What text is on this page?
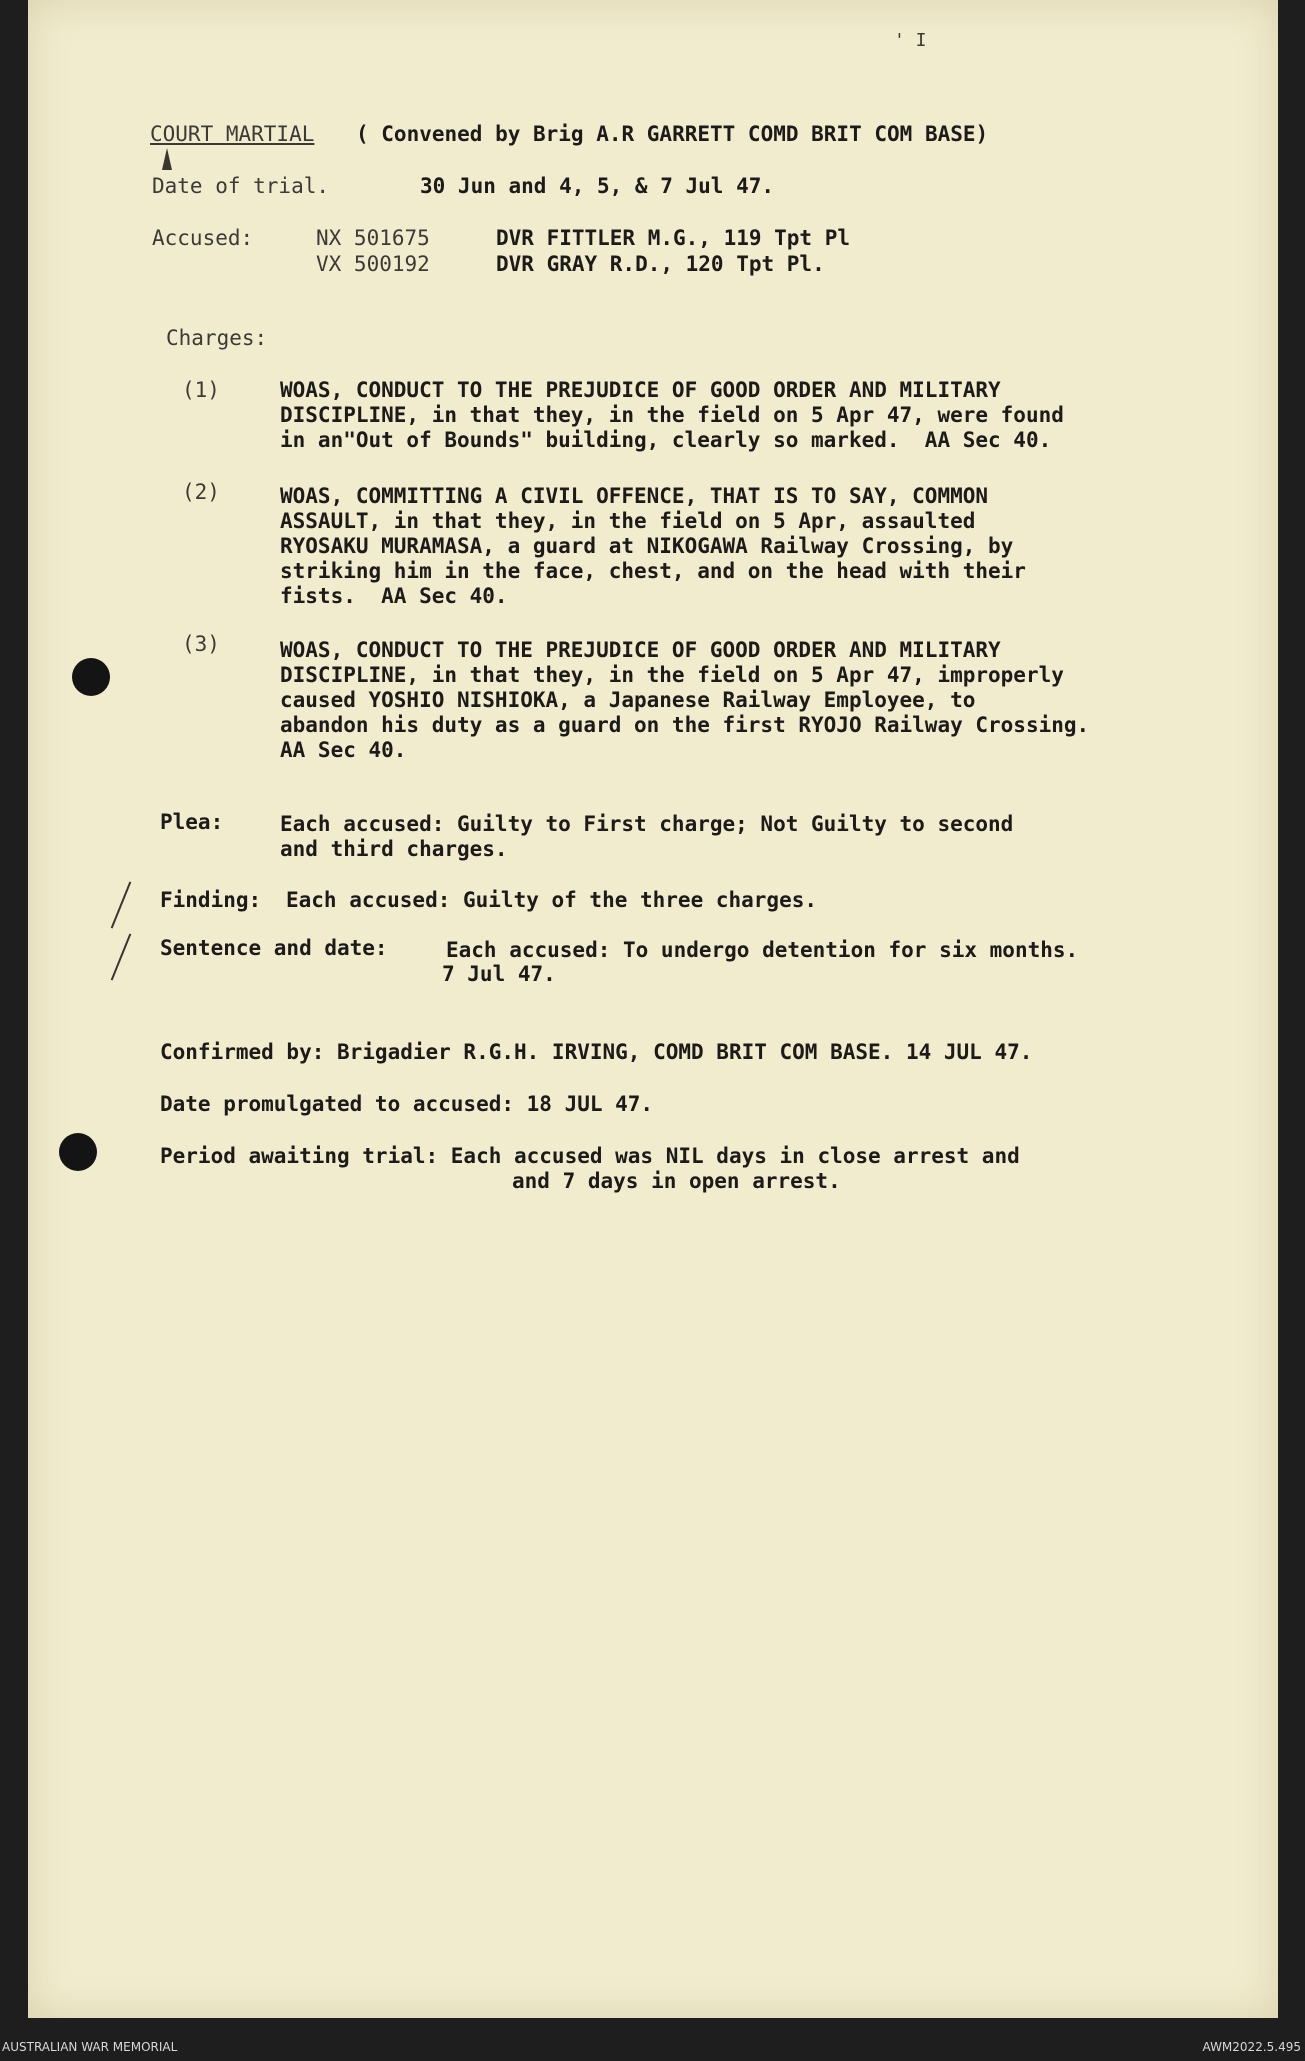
' I
COURT MARTIAL ( Convened by Brig A.R GARRETT COMD BRIT COM BASE)
Date of trial.	30 Jun and 4, 5, & 7 Jul 47.
Accused:	NX 501675	DVR FITTLER M.G., 119 Tpt Pl
VX 500192	DVR GRAY R.D., 120 Tpt Pl.
Charges:
(1)	WOAS, CONDUCT TO THE PREJUDICE OF GOOD ORDER AND MILITARY
DISCIPLINE, in that they, in the field on 5 Apr 47, were found
in an"Out of Bounds" building, clearly so marked.  AA Sec 40.
(2)	WOAS, COMMITTING A CIVIL OFFENCE, THAT IS TO SAY, COMMON
ASSAULT, in that they, in the field on 5 Apr, assaulted
RYOSAKU MURAMASA, a guard at NIKOGAWA Railway Crossing, by
striking him in the face, chest, and on the head with their
fists.  AA Sec 40.
(3)	WOAS, CONDUCT TO THE PREJUDICE OF GOOD ORDER AND MILITARY
DISCIPLINE, in that they, in the field on 5 Apr 47, improperly
caused YOSHIO NISHIOKA, a Japanese Railway Employee, to
abandon his duty as a guard on the first RYOJO Railway Crossing.
AA Sec 40.
Plea:	Each accused: Guilty to First charge; Not Guilty to second
and third charges.
Finding: Each accused: Guilty of the three charges.
Sentence and date:	Each accused: To undergo detention for six months.
7 Jul 47.
Confirmed by: Brigadier R.G.H. IRVING, COMD BRIT COM BASE. 14 JUL 47.
Date promulgated to accused: 18 JUL 47.
Period awaiting trial: Each accused was NIL days in close arrest and
and 7 days in open arrest.
AUSTRALIAN WAR MEMORIAL	AWM2022.5.495
